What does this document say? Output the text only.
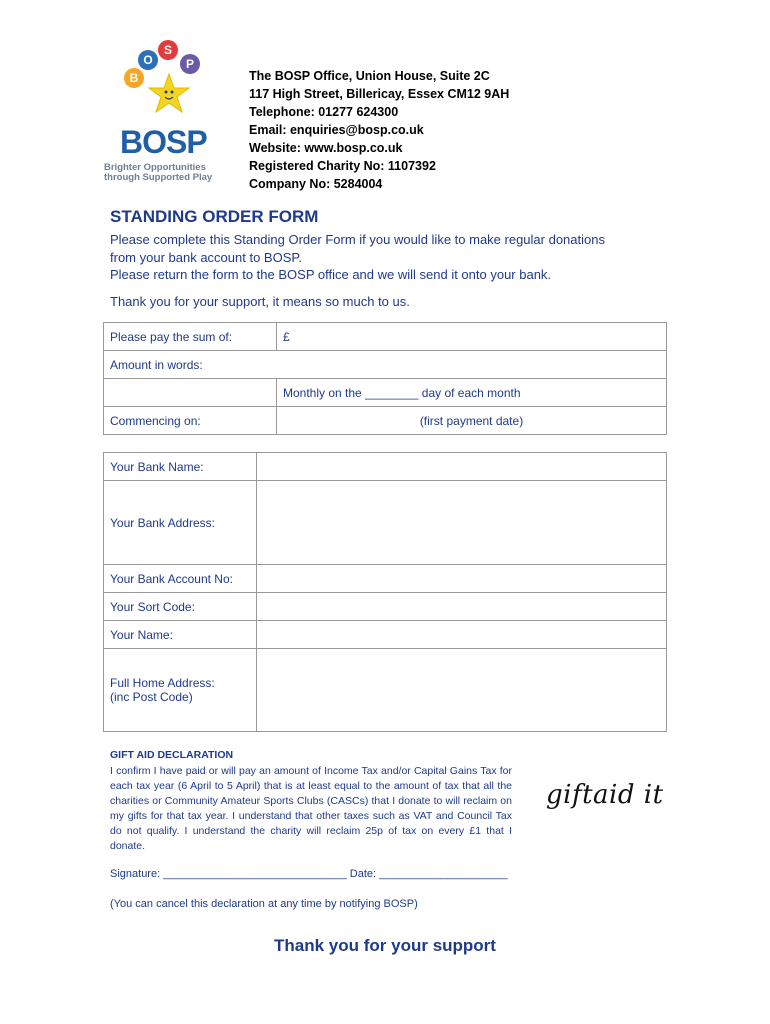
B
O
S
P
BOSP
Brighter Opportunities
through Supported Play
The BOSP Office, Union House, Suite 2C
117 High Street, Billericay, Essex CM12 9AH
Telephone: 01277 624300
Email: enquiries@bosp.co.uk
Website: www.bosp.co.uk
Registered Charity No: 1107392
Company No: 5284004
STANDING ORDER FORM
Please complete this Standing Order Form if you would like to make regular donations
from your bank account to BOSP.
Please return the form to the BOSP office and we will send it onto your bank.
Thank you for your support, it means so much to us.
Please pay the sum of:	£
Amount in words:	
	Monthly on the ________ day of each month
Commencing on:	(first payment date)
Your Bank Name:	
Your Bank Address:	
Your Bank Account No:	
Your Sort Code:	
Your Name:	

Full Home Address:
(inc Post Code)	

GIFT AID DECLARATION
I confirm I have paid or will pay an amount of Income Tax and/or Capital Gains Tax for each tax year (6 April to 5 April) that is at least equal to the amount of tax that all the charities or Community Amateur Sports Clubs (CASCs) that I donate to will reclaim on my gifts for that tax year. I understand that other taxes such as VAT and Council Tax do not qualify. I understand the charity will reclaim 25p of tax on every £1 that I donate.
giftaid it
Signature: ______________________________ Date: _____________________
(You can cancel this declaration at any time by notifying BOSP)
Thank you for your support
